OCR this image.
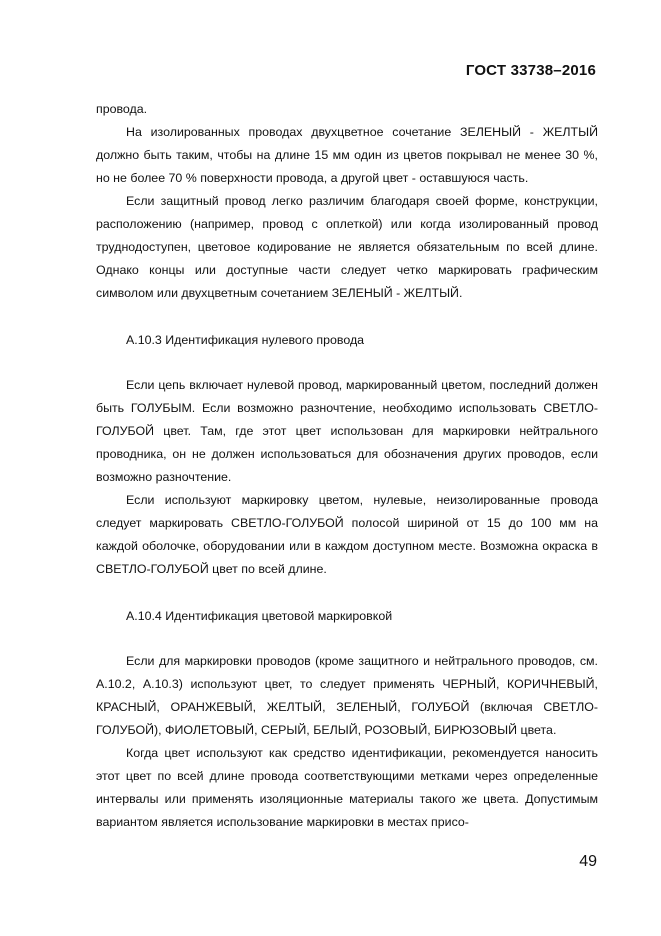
ГОСТ 33738–2016

провода.

На изолированных проводах двухцветное сочетание ЗЕЛЕНЫЙ - ЖЕЛТЫЙ должно быть таким, чтобы на длине 15 мм один из цветов покрывал не менее 30 %, но не более 70 % поверхности провода, а другой цвет - оставшуюся часть.

Если защитный провод легко различим благодаря своей форме, конструкции, расположению (например, провод с оплеткой) или когда изолированный провод труднодоступен, цветовое кодирование не является обязательным по всей длине. Однако концы или доступные части следует четко маркировать графическим символом или двухцветным сочетанием ЗЕЛЕНЫЙ - ЖЕЛТЫЙ.

А.10.3 Идентификация нулевого провода

Если цепь включает нулевой провод, маркированный цветом, последний должен быть ГОЛУБЫМ. Если возможно разночтение, необходимо использовать СВЕТЛО-ГОЛУБОЙ цвет. Там, где этот цвет использован для маркировки нейтрального проводника, он не должен использоваться для обозначения других проводов, если возможно разночтение.

Если используют маркировку цветом, нулевые, неизолированные провода следует маркировать СВЕТЛО-ГОЛУБОЙ полосой шириной от 15 до 100 мм на каждой оболочке, оборудовании или в каждом доступном месте. Возможна окраска в СВЕТЛО-ГОЛУБОЙ цвет по всей длине.

А.10.4 Идентификация цветовой маркировкой

Если для маркировки проводов (кроме защитного и нейтрального проводов, см. А.10.2, А.10.3) используют цвет, то следует применять ЧЕРНЫЙ, КОРИЧНЕВЫЙ, КРАСНЫЙ, ОРАНЖЕВЫЙ, ЖЕЛТЫЙ, ЗЕЛЕНЫЙ, ГОЛУБОЙ (включая СВЕТЛО-ГОЛУБОЙ), ФИОЛЕТОВЫЙ, СЕРЫЙ, БЕЛЫЙ, РОЗОВЫЙ, БИРЮЗОВЫЙ цвета.

Когда цвет используют как средство идентификации, рекомендуется наносить этот цвет по всей длине провода соответствующими метками через определенные интервалы или применять изоляционные материалы такого же цвета. Допустимым вариантом является использование маркировки в местах присо-

49
